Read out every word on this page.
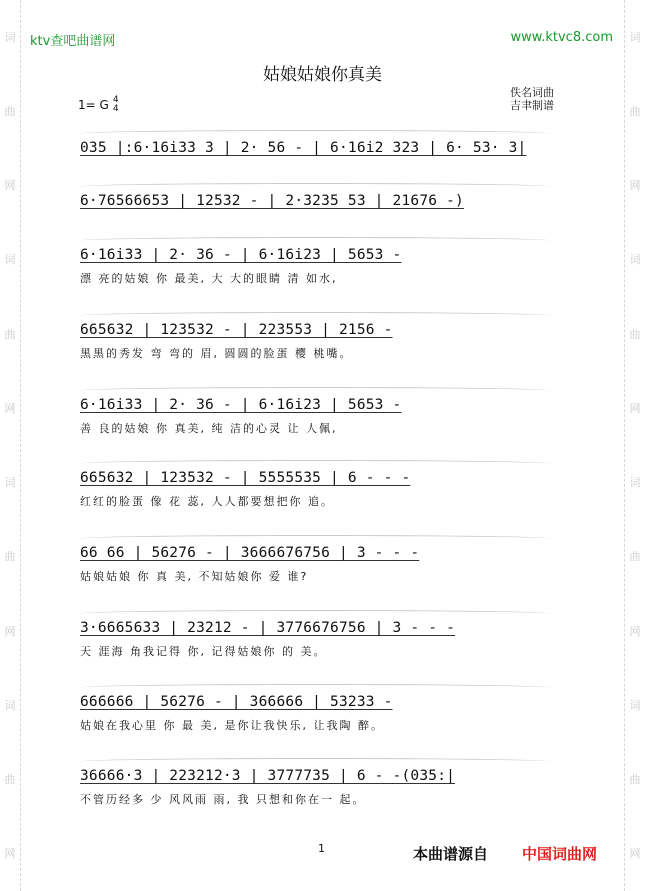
词
曲
网
词
曲
网
词
曲
网
词
曲
网
词
曲
网
词
曲
网
词
曲
网
词
曲
网
ktv查吧曲谱网	www.ktvc8.com
姑娘姑娘你真美
1= G 4
4
佚名词曲
吉聿制谱
035 |:6·16i33 3 | 2· 56 - | 6·16i2 323 | 6· 53· 3|
6·76566653 | 12532 - | 2·3235 53 | 21676 -)
6·16i33 | 2· 36 - | 6·16i23 | 5653 -
漂 亮的姑娘 你 最美, 大 大的眼睛 清 如水,
665632 | 123532 - | 223553 | 2156 -
黑黑的秀发 弯 弯的 眉, 圆圆的脸蛋 樱 桃嘴。
6·16i33 | 2· 36 - | 6·16i23 | 5653 -
善 良的姑娘 你 真美, 纯 洁的心灵 让 人佩,
665632 | 123532 - | 5555535 | 6 - - -
红红的脸蛋 像 花 蕊, 人人都要想把你 追。
66 66 | 56276 - | 3666676756 | 3 - - -
姑娘姑娘 你 真 美, 不知姑娘你 爱 谁?
3·6665633 | 23212 - | 3776676756 | 3 - - -
天 涯海 角我记得 你, 记得姑娘你 的 美。
666666 | 56276 - | 366666 | 53233 -
姑娘在我心里 你 最 美, 是你让我快乐, 让我陶 醉。
36666·3 | 223212·3 | 3777735 | 6 - -(035:|
不管历经多 少 风风雨 雨, 我 只想和你在一 起。
1	本曲谱源自 中国词曲网
